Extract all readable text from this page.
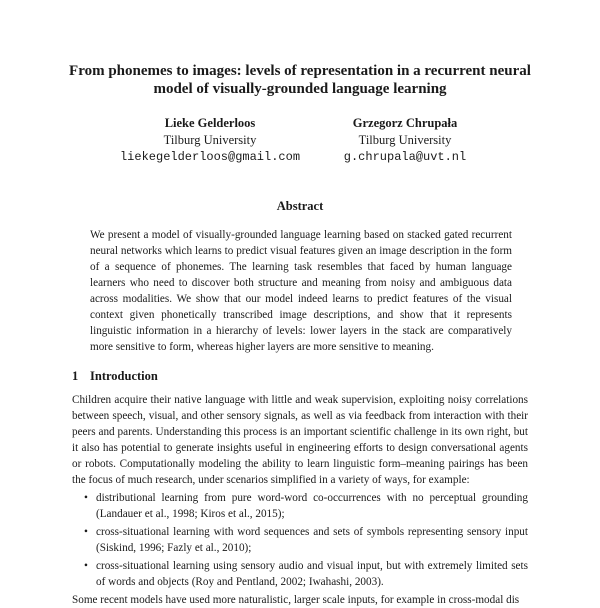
From phonemes to images: levels of representation in a recurrent neural model of visually-grounded language learning
Lieke Gelderloos
Tilburg University
liekegelderloos@gmail.com
Grzegorz Chrupała
Tilburg University
g.chrupala@uvt.nl
Abstract

We present a model of visually-grounded language learning based on stacked gated recurrent neural networks which learns to predict visual features given an image description in the form of a sequence of phonemes. The learning task resembles that faced by human language learners who need to discover both structure and meaning from noisy and ambiguous data across modalities. We show that our model indeed learns to predict features of the visual context given phonetically transcribed image descriptions, and show that it represents linguistic information in a hierarchy of levels: lower layers in the stack are comparatively more sensitive to form, whereas higher layers are more sensitive to meaning.

1 Introduction

Children acquire their native language with little and weak supervision, exploiting noisy correlations between speech, visual, and other sensory signals, as well as via feedback from interaction with their peers and parents. Understanding this process is an important scientific challenge in its own right, but it also has potential to generate insights useful in engineering efforts to design conversational agents or robots. Computationally modeling the ability to learn linguistic form–meaning pairings has been the focus of much research, under scenarios simplified in a variety of ways, for example:

• distributional learning from pure word-word co-occurrences with no perceptual grounding (Landauer et al., 1998; Kiros et al., 2015);
• cross-situational learning with word sequences and sets of symbols representing sensory input (Siskind, 1996; Fazly et al., 2010);
• cross-situational learning using sensory audio and visual input, but with extremely limited sets of words and objects (Roy and Pentland, 2002; Iwahashi, 2003).

Some recent models have used more naturalistic, larger scale inputs, for example in cross-modal dis
